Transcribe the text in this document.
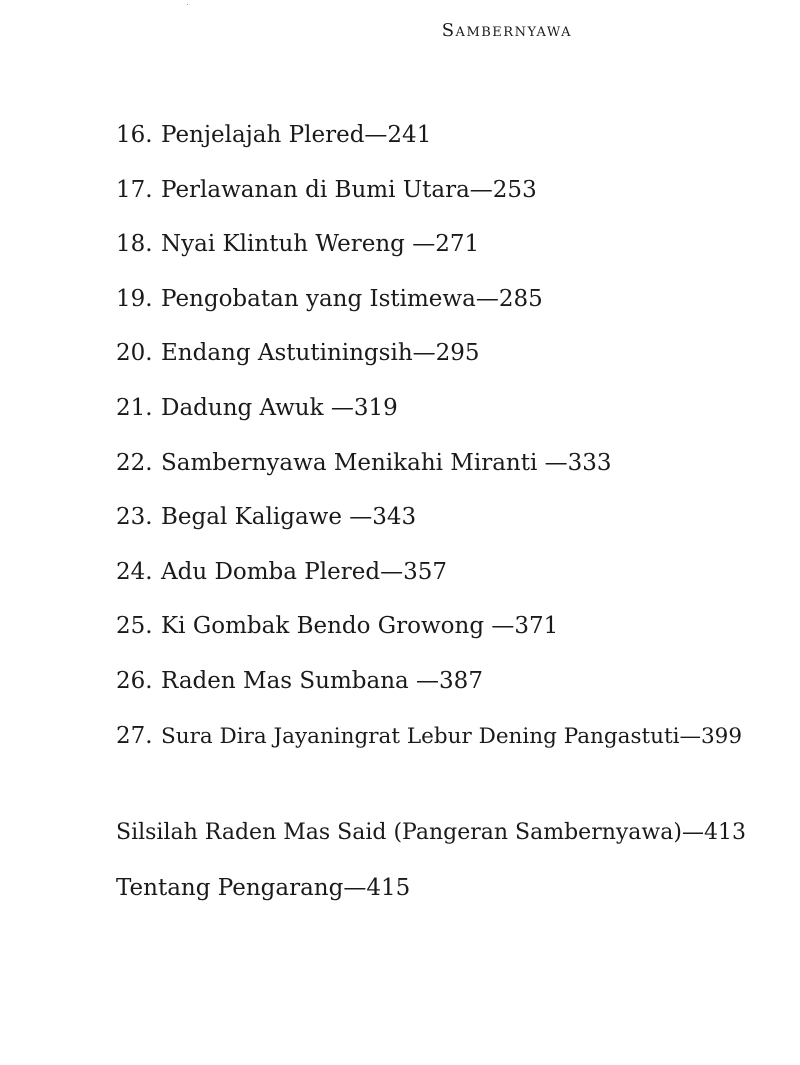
Sambernyawa
16. Penjelajah Plered — 241
17. Perlawanan di Bumi Utara — 253
18. Nyai Klintuh Wereng — 271
19. Pengobatan yang Istimewa — 285
20. Endang Astutiningsih — 295
21. Dadung Awuk — 319
22. Sambernyawa Menikahi Miranti — 333
23. Begal Kaligawe — 343
24. Adu Domba Plered — 357
25. Ki Gombak Bendo Growong — 371
26. Raden Mas Sumbana — 387
27. Sura Dira Jayaningrat Lebur Dening Pangastuti — 399
Silsilah Raden Mas Said (Pangeran Sambernyawa)—413
Tentang Pengarang—415
